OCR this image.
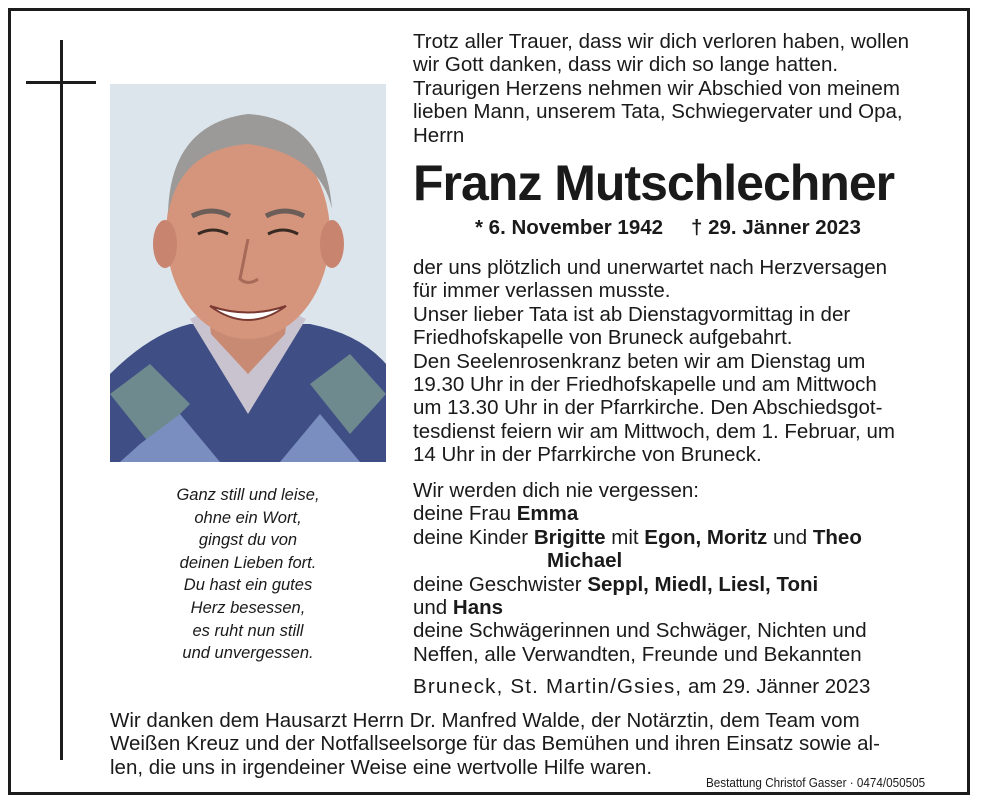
Ganz still und leise,
ohne ein Wort,
gingst du von
deinen Lieben fort.
Du hast ein gutes
Herz besessen,
es ruht nun still
und unvergessen.
Trotz aller Trauer, dass wir dich verloren haben, wollen
wir Gott danken, dass wir dich so lange hatten.
Traurigen Herzens nehmen wir Abschied von meinem
lieben Mann, unserem Tata, Schwiegervater und Opa,
Herrn
Franz Mutschlechner
* 6. November 1942 † 29. Jänner 2023
der uns plötzlich und unerwartet nach Herzversagen
für immer verlassen musste.
Unser lieber Tata ist ab Dienstagvormittag in der
Friedhofskapelle von Bruneck aufgebahrt.
Den Seelenrosenkranz beten wir am Dienstag um
19.30 Uhr in der Friedhofskapelle und am Mittwoch
um 13.30 Uhr in der Pfarrkirche. Den Abschiedsgot-
tesdienst feiern wir am Mittwoch, dem 1. Februar, um
14 Uhr in der Pfarrkirche von Bruneck.
Wir werden dich nie vergessen:
deine Frau Emma
deine Kinder Brigitte mit Egon, Moritz und Theo
Michael
deine Geschwister Seppl, Miedl, Liesl, Toni
und Hans
deine Schwägerinnen und Schwäger, Nichten und
Neffen, alle Verwandten, Freunde und Bekannten
Bruneck, St. Martin/Gsies, am 29. Jänner 2023
Wir danken dem Hausarzt Herrn Dr. Manfred Walde, der Notärztin, dem Team vom
Weißen Kreuz und der Notfallseelsorge für das Bemühen und ihren Einsatz sowie al-
len, die uns in irgendeiner Weise eine wertvolle Hilfe waren.
Bestattung Christof Gasser · 0474/050505
